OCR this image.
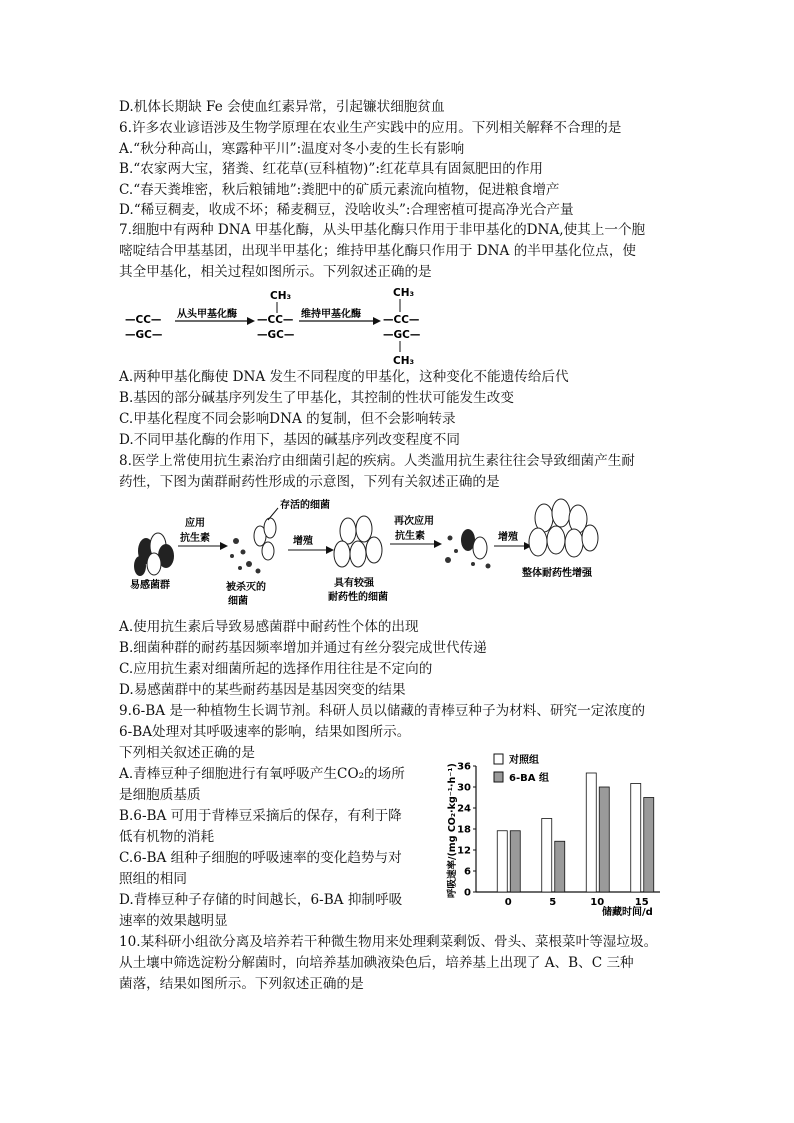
D.机体长期缺 Fe 会使血红素异常，引起镰状细胞贫血
6.许多农业谚语涉及生物学原理在农业生产实践中的应用。下列相关解释不合理的是
A.“秋分种高山，寒露种平川”:温度对冬小麦的生长有影响
B.“农家两大宝，猪粪、红花草(豆科植物)”:红花草具有固氮肥田的作用
C.“春天粪堆密，秋后粮铺地”:粪肥中的矿质元素流向植物，促进粮食增产
D.“稀豆稠麦，收成不坏；稀麦稠豆，没啥收头”:合理密植可提高净光合产量
7.细胞中有两种 DNA 甲基化酶，从头甲基化酶只作用于非甲基化的DNA,使其上一个胞
嘧啶结合甲基基团，出现半甲基化；维持甲基化酶只作用于 DNA 的半甲基化位点，使
其全甲基化，相关过程如图所示。下列叙述正确的是
—CC—
—GC—
从头甲基化酶
CH₃
—CC—
—GC—
维持甲基化酶
CH₃
—CC—
—GC—
CH₃
A.两种甲基化酶使 DNA 发生不同程度的甲基化，这种变化不能遗传给后代
B.基因的部分碱基序列发生了甲基化，其控制的性状可能发生改变
C.甲基化程度不同会影响DNA 的复制，但不会影响转录
D.不同甲基化酶的作用下，基因的碱基序列改变程度不同
8.医学上常使用抗生素治疗由细菌引起的疾病。人类滥用抗生素往往会导致细菌产生耐
药性，下图为菌群耐药性形成的示意图，下列有关叙述正确的是
易感菌群
应用
抗生素
存活的细菌
被杀灭的
细菌
增殖
具有较强
耐药性的细菌
再次应用
抗生素	增殖
整体耐药性增强
A.使用抗生素后导致易感菌群中耐药性个体的出现
B.细菌种群的耐药基因频率增加并通过有丝分裂完成世代传递
C.应用抗生素对细菌所起的选择作用往往是不定向的
D.易感菌群中的某些耐药基因是基因突变的结果
9.6-BA 是一种植物生长调节剂。科研人员以储藏的青棒豆种子为材料、研究一定浓度的
6-BA处理对其呼吸速率的影响，结果如图所示。
下列相关叙述正确的是
A.青棒豆种子细胞进行有氧呼吸产生CO₂的场所
是细胞质基质
B.6-BA 可用于背棒豆采摘后的保存，有利于降
低有机物的消耗
C.6-BA 组种子细胞的呼吸速率的变化趋势与对
照组的相同
D.背棒豆种子存储的时间越长，6-BA 抑制呼吸
速率的效果越明显
呼吸速率/(mg CO₂·kg⁻¹·h⁻¹)
储藏时间/d
对照组
6-BA 组
0
6
12
18
24
30
36
0	5	10	15
10.某科研小组欲分离及培养若干种微生物用来处理剩菜剩饭、骨头、菜根菜叶等湿垃圾。
从土壤中筛选淀粉分解菌时，向培养基加碘液染色后，培养基上出现了 A、B、C 三种
菌落，结果如图所示。下列叙述正确的是
